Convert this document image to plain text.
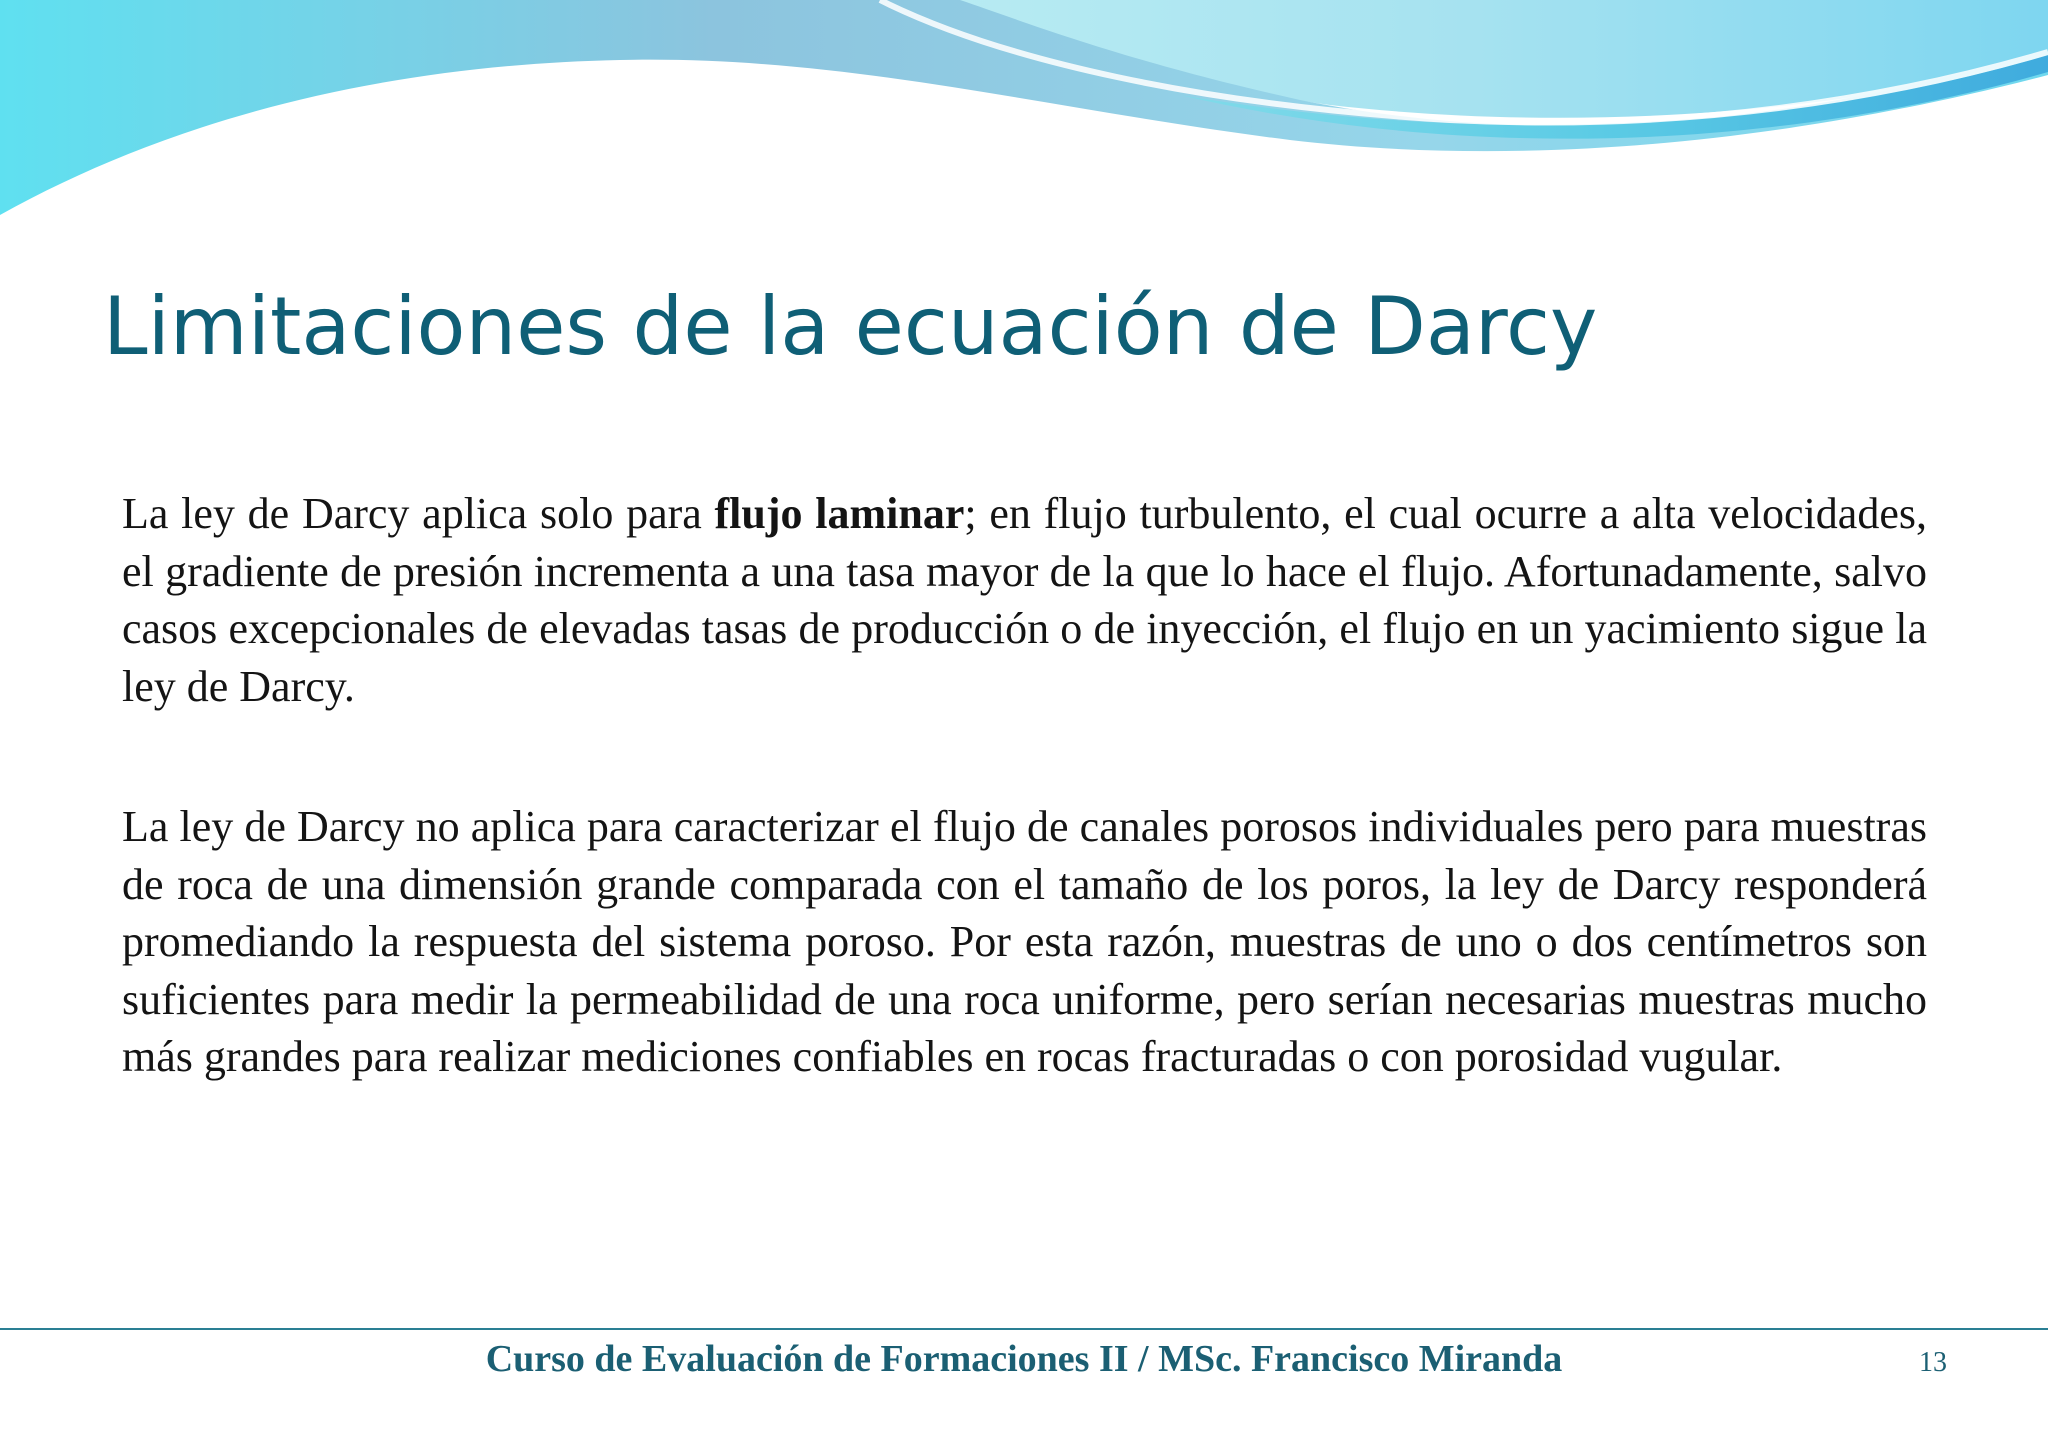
Limitaciones de la ecuación de Darcy

La ley de Darcy aplica solo para flujo laminar; en flujo turbulento, el cual ocurre a alta velocidades, el gradiente de presión incrementa a una tasa mayor de la que lo hace el flujo. Afortunadamente, salvo casos excepcionales de elevadas tasas de producción o de inyección, el flujo en un yacimiento sigue la ley de Darcy.

La ley de Darcy no aplica para caracterizar el flujo de canales porosos individuales pero para muestras de roca de una dimensión grande comparada con el tamaño de los poros, la ley de Darcy responderá promediando la respuesta del sistema poroso. Por esta razón, muestras de uno o dos centímetros son suficientes para medir la permeabilidad de una roca uniforme, pero serían necesarias muestras mucho más grandes para realizar mediciones confiables en rocas fracturadas o con porosidad vugular.

Curso de Evaluación de Formaciones II / MSc. Francisco Miranda	13
